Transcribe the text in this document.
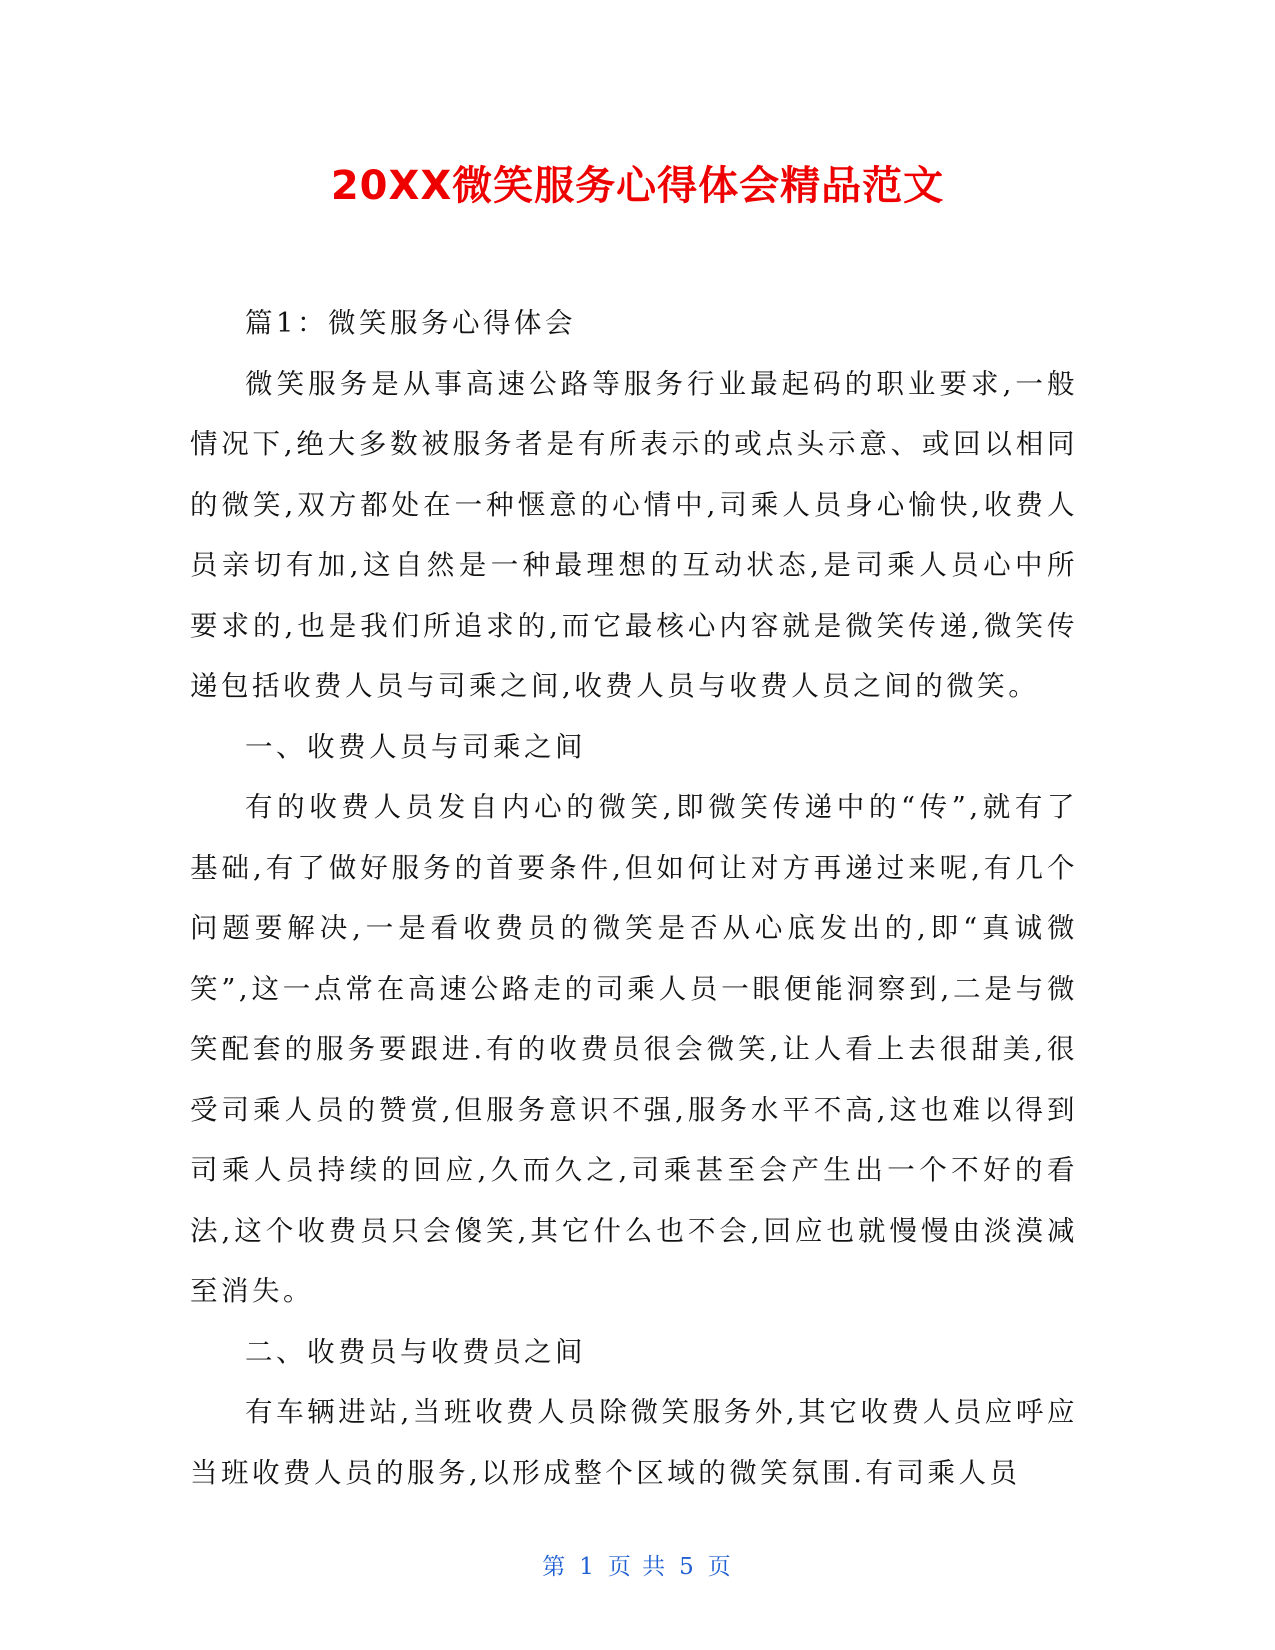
20XX微笑服务心得体会精品范文

篇1：微笑服务心得体会

微笑服务是从事高速公路等服务行业最起码的职业要求,一般情况下,绝大多数被服务者是有所表示的或点头示意、或回以相同的微笑,双方都处在一种惬意的心情中,司乘人员身心愉快,收费人员亲切有加,这自然是一种最理想的互动状态,是司乘人员心中所要求的,也是我们所追求的,而它最核心内容就是微笑传递,微笑传递包括收费人员与司乘之间,收费人员与收费人员之间的微笑。

一、收费人员与司乘之间

有的收费人员发自内心的微笑,即微笑传递中的“传”,就有了基础,有了做好服务的首要条件,但如何让对方再递过来呢,有几个问题要解决,一是看收费员的微笑是否从心底发出的,即“真诚微笑”,这一点常在高速公路走的司乘人员一眼便能洞察到,二是与微笑配套的服务要跟进.有的收费员很会微笑,让人看上去很甜美,很受司乘人员的赞赏,但服务意识不强,服务水平不高,这也难以得到司乘人员持续的回应,久而久之,司乘甚至会产生出一个不好的看法,这个收费员只会傻笑,其它什么也不会,回应也就慢慢由淡漠减至消失。

二、收费员与收费员之间

有车辆进站,当班收费人员除微笑服务外,其它收费人员应呼应当班收费人员的服务,以形成整个区域的微笑氛围.有司乘人员

第 1 页 共 5 页
